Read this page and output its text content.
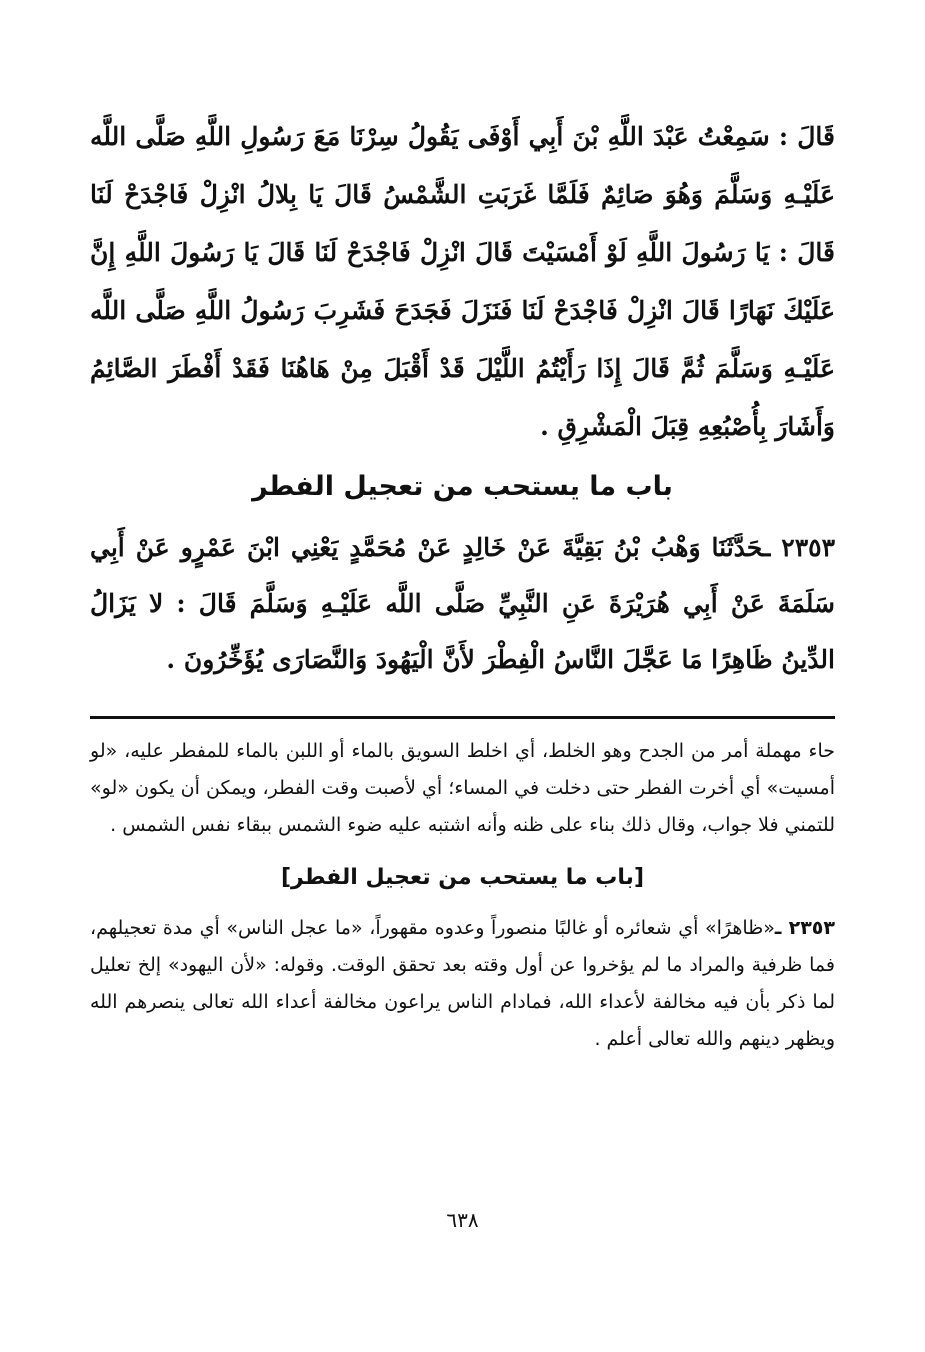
قَالَ : سَمِعْتُ عَبْدَ اللَّهِ بْنَ أَبِي أَوْفَى يَقُولُ سِرْنَا مَعَ رَسُولِ اللَّهِ صَلَّى اللَّه عَلَيْـهِ وَسَلَّمَ وَهُوَ صَائِمٌ فَلَمَّا غَرَبَتِ الشَّمْسُ قَالَ يَا بِلالُ انْزِلْ فَاجْدَحْ لَنَا قَالَ : يَا رَسُولَ اللَّهِ لَوْ أَمْسَيْتَ قَالَ انْزِلْ فَاجْدَحْ لَنَا قَالَ يَا رَسُولَ اللَّهِ إِنَّ عَلَيْكَ نَهَارًا قَالَ انْزِلْ فَاجْدَحْ لَنَا فَنَزَلَ فَجَدَحَ فَشَرِبَ رَسُولُ اللَّهِ صَلَّى اللَّه عَلَيْـهِ وَسَلَّمَ ثُمَّ قَالَ إِذَا رَأَيْتُمُ اللَّيْلَ قَدْ أَقْبَلَ مِنْ هَاهُنَا فَقَدْ أَفْطَرَ الصَّائِمُ وَأَشَارَ بِأُصْبُعِهِ قِبَلَ الْمَشْرِقِ .

باب ما يستحب من تعجيل الفطر

٢٣٥٣ ـحَدَّثَنَا وَهْبُ بْنُ بَقِيَّةَ عَنْ خَالِدٍ عَنْ مُحَمَّدٍ يَعْنِي ابْنَ عَمْرٍو عَنْ أَبِي سَلَمَةَ عَنْ أَبِي هُرَيْرَةَ عَنِ النَّبِيِّ صَلَّى اللَّه عَلَيْـهِ وَسَلَّمَ قَالَ : لا يَزَالُ الدِّينُ ظَاهِرًا مَا عَجَّلَ النَّاسُ الْفِطْرَ لأَنَّ الْيَهُودَ وَالنَّصَارَى يُؤَخِّرُونَ .

حاء مهملة أمر من الجدح وهو الخلط، أي اخلط السويق بالماء أو اللبن بالماء للمفطر عليه، «لو أمسيت» أي أخرت الفطر حتى دخلت في المساء؛ أي لأصبت وقت الفطر، ويمكن أن يكون «لو» للتمني فلا جواب، وقال ذلك بناء على ظنه وأنه اشتبه عليه ضوء الشمس ببقاء نفس الشمس .

[باب ما يستحب من تعجيل الفطر]

٢٣٥٣ ـ«ظاهرًا» أي شعائره أو غالبًا منصوراً وعدوه مقهوراً، «ما عجل الناس» أي مدة تعجيلهم، فما ظرفية والمراد ما لم يؤخروا عن أول وقته بعد تحقق الوقت. وقوله: «لأن اليهود» إلخ تعليل لما ذكر بأن فيه مخالفة لأعداء الله، فمادام الناس يراعون مخالفة أعداء الله تعالى ينصرهم الله ويظهر دينهم والله تعالى أعلم .

٦٣٨
